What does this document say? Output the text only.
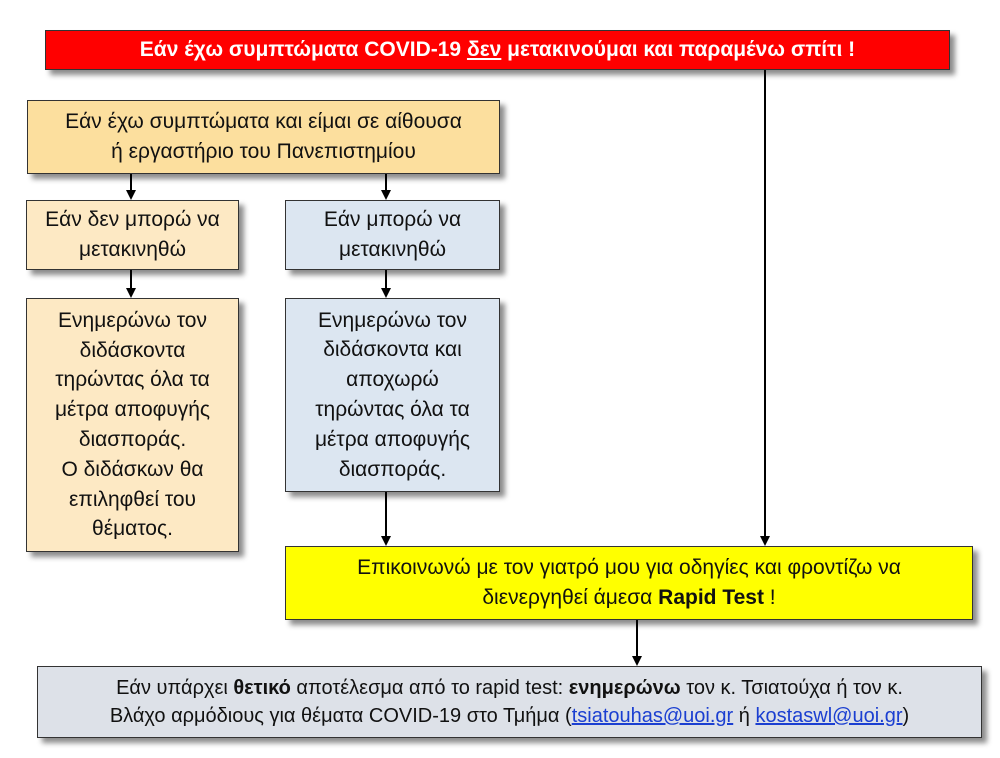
Εάν έχω συμπτώματα COVID-19 δεν μετακινούμαι και παραμένω σπίτι !
Εάν έχω συμπτώματα και είμαι σε αίθουσα
ή εργαστήριο του Πανεπιστημίου
Εάν δεν μπορώ να
μετακινηθώ
Εάν μπορώ να
μετακινηθώ
Ενημερώνω τον
διδάσκοντα
τηρώντας όλα τα
μέτρα αποφυγής
διασποράς.
Ο διδάσκων θα
επιληφθεί του
θέματος.
Ενημερώνω τον
διδάσκοντα και
αποχωρώ
τηρώντας όλα τα
μέτρα αποφυγής
διασποράς.
Επικοινωνώ με τον γιατρό μου για οδηγίες και φροντίζω να
διενεργηθεί άμεσα Rapid Test !
Εάν υπάρχει θετικό αποτέλεσμα από το rapid test: ενημερώνω τον κ. Τσιατούχα ή τον κ.
Βλάχο αρμόδιους για θέματα COVID-19 στο Τμήμα (tsiatouhas@uoi.gr ή kostaswl@uoi.gr)
